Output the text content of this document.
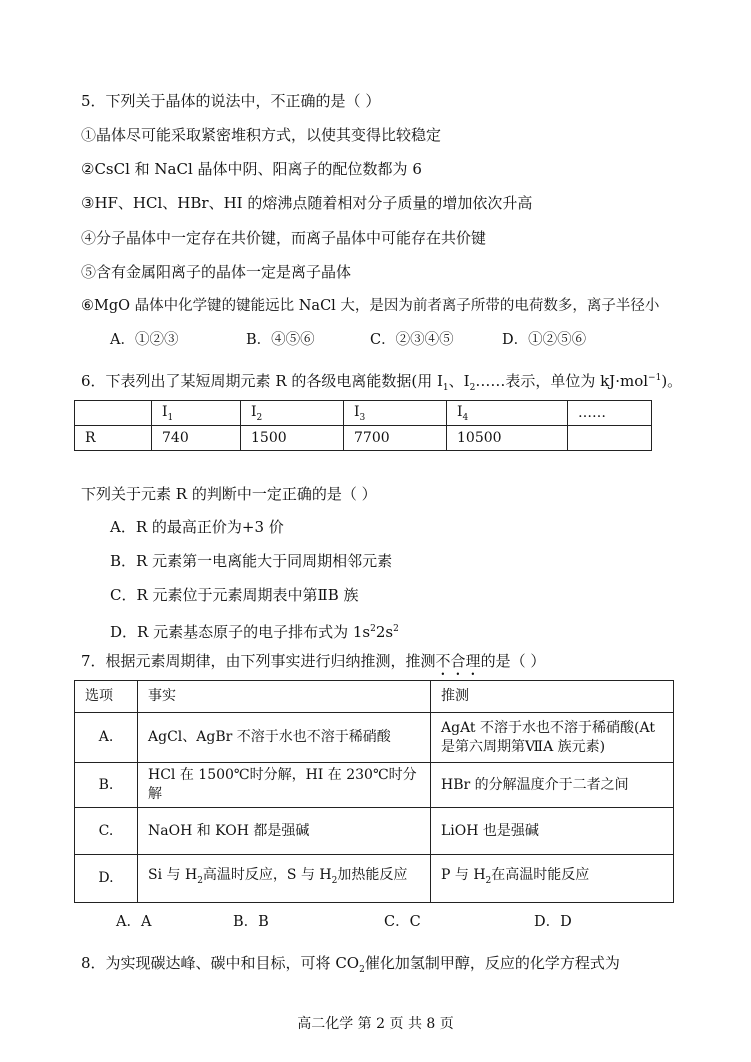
5．下列关于晶体的说法中，不正确的是（ ）
①晶体尽可能采取紧密堆积方式，以使其变得比较稳定
②CsCl 和 NaCl 晶体中阴、阳离子的配位数都为 6
③HF、HCl、HBr、HI 的熔沸点随着相对分子质量的增加依次升高
④分子晶体中一定存在共价键，而离子晶体中可能存在共价键
⑤含有金属阳离子的晶体一定是离子晶体
⑥MgO 晶体中化学键的键能远比 NaCl 大，是因为前者离子所带的电荷数多，离子半径小
A．①②③	B．④⑤⑥	C．②③④⑤	D．①②⑤⑥
6．下表列出了某短周期元素 R 的各级电离能数据(用 $I_1$、$I_2\dots\dots$表示，单位为 kJ·mol$^{-1}$)。
	$I_1$	$I_2$	$I_3$	$I_4$	……
R	740	1500	7700	10500	
下列关于元素 R 的判断中一定正确的是（ ）
A．R 的最高正价为+3 价
B．R 元素第一电离能大于同周期相邻元素
C．R 元素位于元素周期表中第ⅡB 族
D．R 元素基态原子的电子排布式为 $1s^22s^2$
7．根据元素周期律，由下列事实进行归纳推测，推测不合理的是（ ）
选项	事实	推测
A.	AgCl、AgBr 不溶于水也不溶于稀硝酸	AgAt 不溶于水也不溶于稀硝酸(At 是第六周期第ⅦA 族元素)
B.	HCl 在 1500℃时分解，HI 在 230℃时分解	HBr 的分解温度介于二者之间
C.	NaOH 和 KOH 都是强碱	LiOH 也是强碱
D.	Si 与 $H_2$高温时反应，S 与 $H_2$加热能反应	P 与 $H_2$在高温时能反应
A．A	B．B	C．C	D．D
8．为实现碳达峰、碳中和目标，可将 $CO_2$催化加氢制甲醇，反应的化学方程式为
高二化学 第 2 页 共 8 页
